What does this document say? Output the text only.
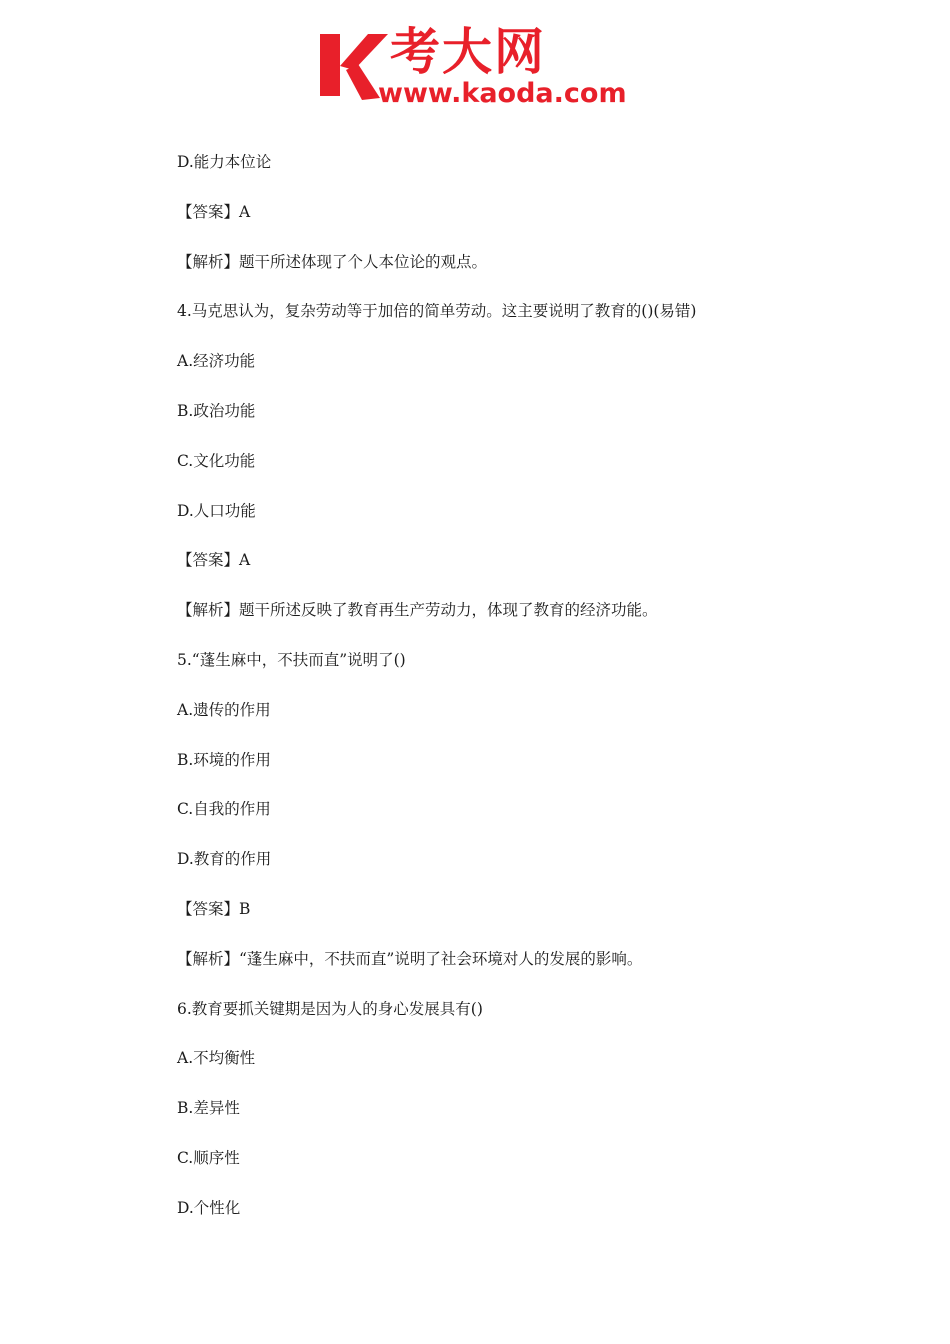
考大网
www.kaoda.com
D.能力本位论
【答案】A
【解析】题干所述体现了个人本位论的观点。
4.马克思认为，复杂劳动等于加倍的简单劳动。这主要说明了教育的()(易错)
A.经济功能
B.政治功能
C.文化功能
D.人口功能
【答案】A
【解析】题干所述反映了教育再生产劳动力，体现了教育的经济功能。
5.“蓬生麻中，不扶而直”说明了()
A.遗传的作用
B.环境的作用
C.自我的作用
D.教育的作用
【答案】B
【解析】“蓬生麻中，不扶而直”说明了社会环境对人的发展的影响。
6.教育要抓关键期是因为人的身心发展具有()
A.不均衡性
B.差异性
C.顺序性
D.个性化
